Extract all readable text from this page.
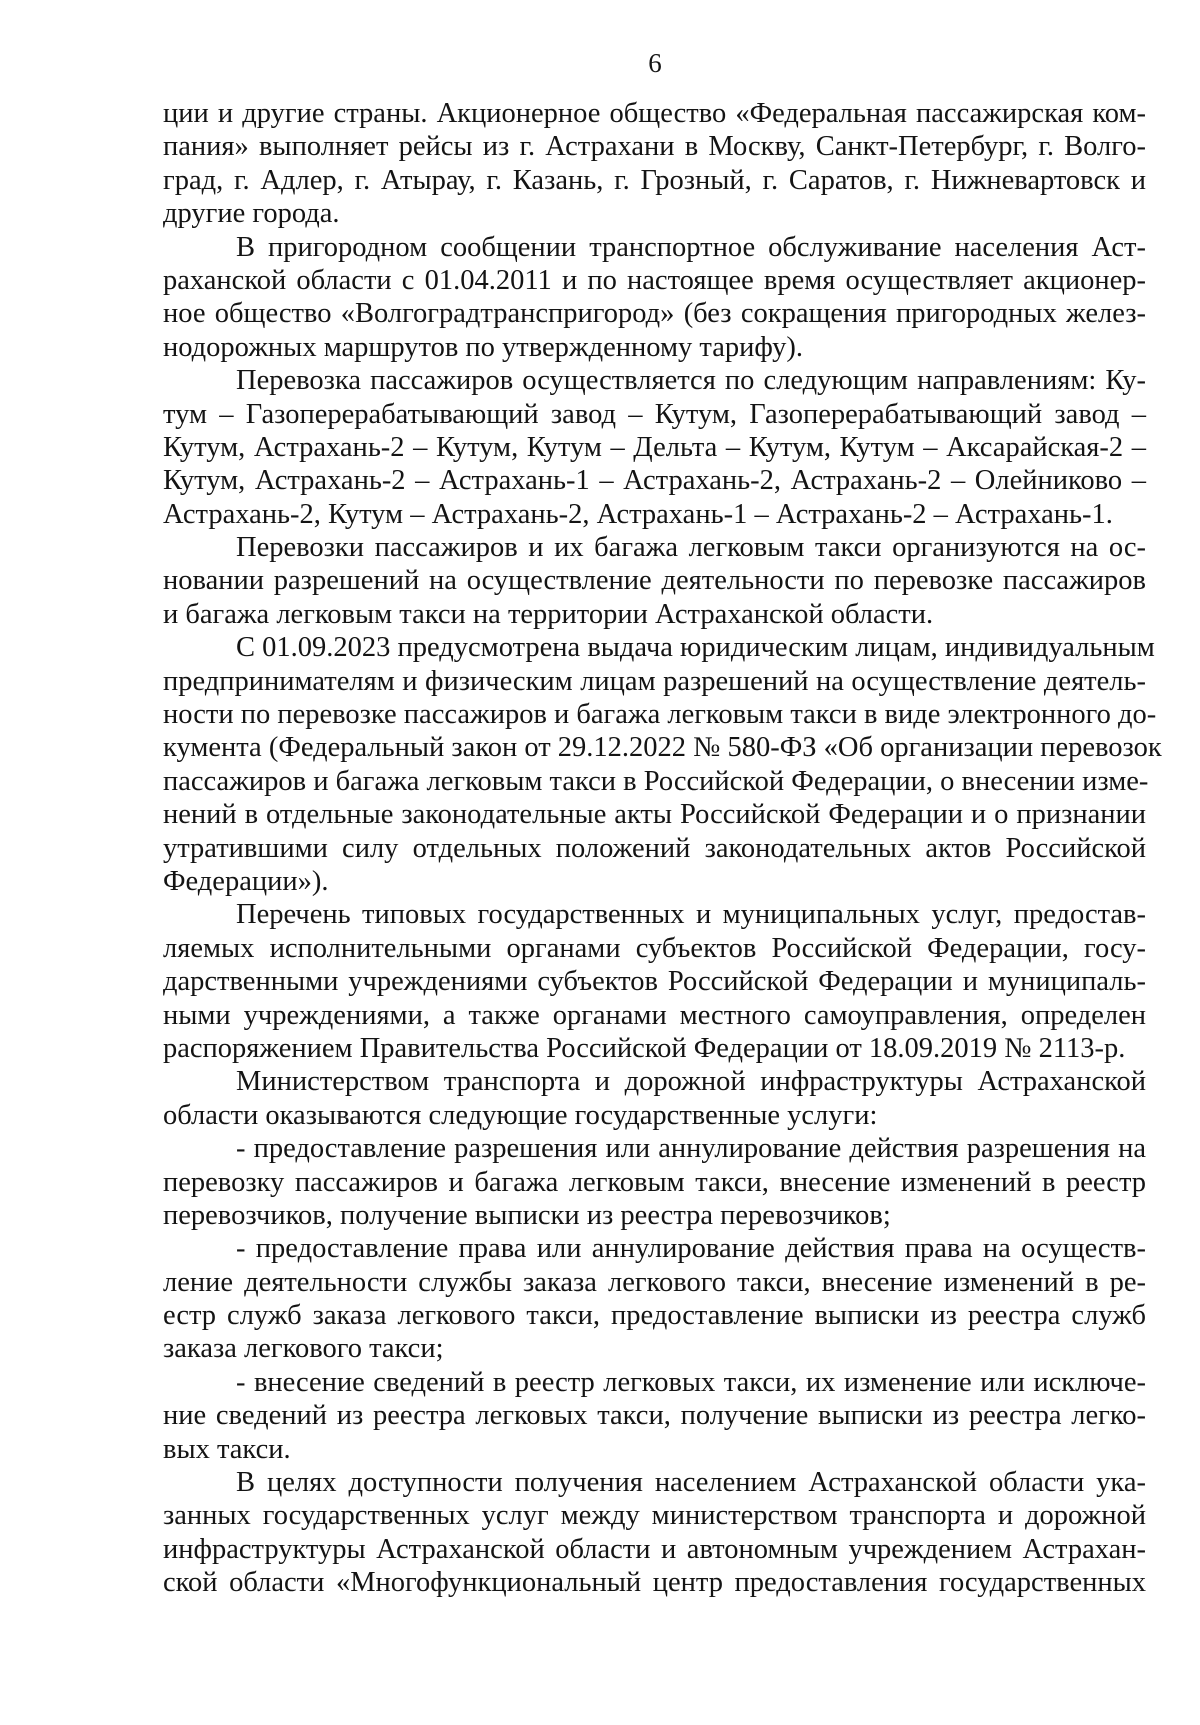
6
ции и другие страны. Акционерное общество «Федеральная пассажирская ком-
пания» выполняет рейсы из г. Астрахани в Москву, Санкт-Петербург, г. Волго-
град, г. Адлер, г. Атырау, г. Казань, г. Грозный, г. Саратов, г. Нижневартовск и
другие города.
В пригородном сообщении транспортное обслуживание населения Аст-
раханской области с 01.04.2011 и по настоящее время осуществляет акционер-
ное общество «Волгоградтранспригород» (без сокращения пригородных желез-
нодорожных маршрутов по утвержденному тарифу).
Перевозка пассажиров осуществляется по следующим направлениям: Ку-
тум – Газоперерабатывающий завод – Кутум, Газоперерабатывающий завод –
Кутум, Астрахань-2 – Кутум, Кутум – Дельта – Кутум, Кутум – Аксарайская-2 –
Кутум, Астрахань-2 – Астрахань-1 – Астрахань-2, Астрахань-2 – Олейниково –
Астрахань-2, Кутум – Астрахань-2, Астрахань-1 – Астрахань-2 – Астрахань-1.
Перевозки пассажиров и их багажа легковым такси организуются на ос-
новании разрешений на осуществление деятельности по перевозке пассажиров
и багажа легковым такси на территории Астраханской области.
С 01.09.2023 предусмотрена выдача юридическим лицам, индивидуальным
предпринимателям и физическим лицам разрешений на осуществление деятель-
ности по перевозке пассажиров и багажа легковым такси в виде электронного до-
кумента (Федеральный закон от 29.12.2022 № 580-ФЗ «Об организации перевозок
пассажиров и багажа легковым такси в Российской Федерации, о внесении изме-
нений в отдельные законодательные акты Российской Федерации и о признании
утратившими силу отдельных положений законодательных актов Российской
Федерации»).
Перечень типовых государственных и муниципальных услуг, предостав-
ляемых исполнительными органами субъектов Российской Федерации, госу-
дарственными учреждениями субъектов Российской Федерации и муниципаль-
ными учреждениями, а также органами местного самоуправления, определен
распоряжением Правительства Российской Федерации от 18.09.2019 № 2113-р.
Министерством транспорта и дорожной инфраструктуры Астраханской
области оказываются следующие государственные услуги:
- предоставление разрешения или аннулирование действия разрешения на
перевозку пассажиров и багажа легковым такси, внесение изменений в реестр
перевозчиков, получение выписки из реестра перевозчиков;
- предоставление права или аннулирование действия права на осуществ-
ление деятельности службы заказа легкового такси, внесение изменений в ре-
естр служб заказа легкового такси, предоставление выписки из реестра служб
заказа легкового такси;
- внесение сведений в реестр легковых такси, их изменение или исключе-
ние сведений из реестра легковых такси, получение выписки из реестра легко-
вых такси.
В целях доступности получения населением Астраханской области ука-
занных государственных услуг между министерством транспорта и дорожной
инфраструктуры Астраханской области и автономным учреждением Астрахан-
ской области «Многофункциональный центр предоставления государственных
